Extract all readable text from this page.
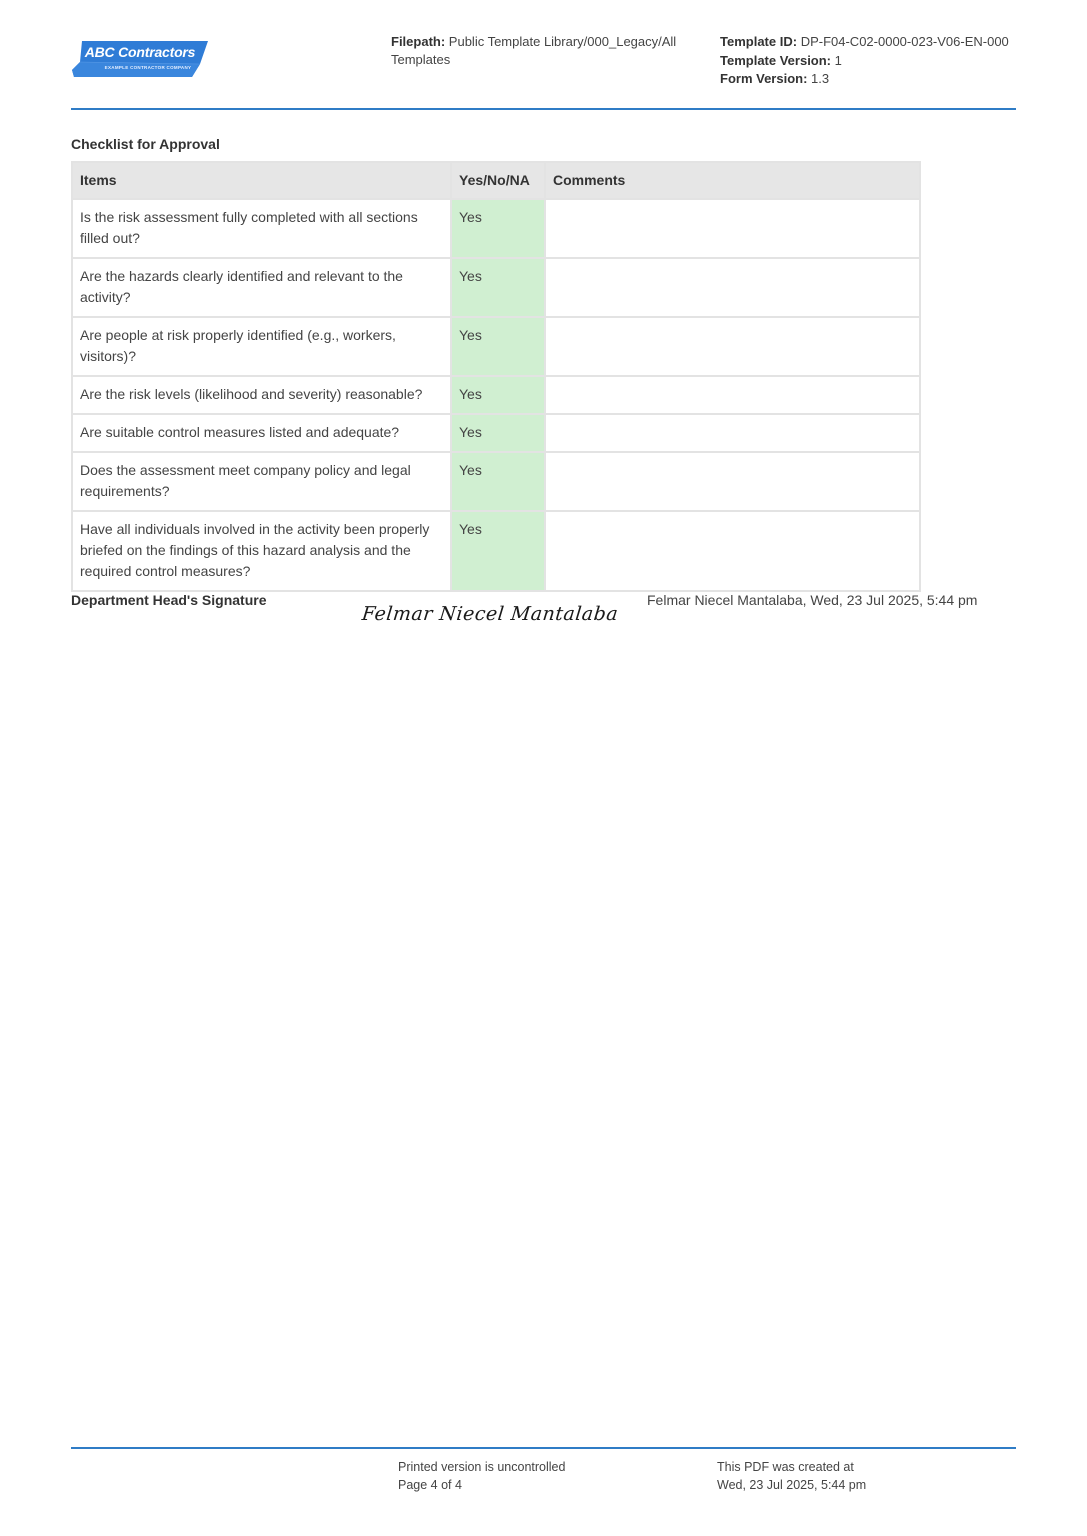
ABC Contractors
EXAMPLE CONTRACTOR COMPANY
Filepath: Public Template Library/000_Legacy/All Templates
Template ID: DP-F04-C02-0000-023-V06-EN-000
Template Version: 1
Form Version: 1.3
Checklist for Approval
Items	Yes/No/NA	Comments
Is the risk assessment fully completed with all sections filled out?	Yes	
Are the hazards clearly identified and relevant to the activity?	Yes	
Are people at risk properly identified (e.g., workers, visitors)?	Yes	
Are the risk levels (likelihood and severity) reasonable?	Yes	
Are suitable control measures listed and adequate?	Yes	
Does the assessment meet company policy and legal requirements?	Yes	
Have all individuals involved in the activity been properly briefed on the findings of this hazard analysis and the required control measures?	Yes	
Department Head's Signature
Felmar Niecel Mantalaba
Felmar Niecel Mantalaba, Wed, 23 Jul 2025, 5:44 pm
Printed version is uncontrolled
Page 4 of 4
This PDF was created at
Wed, 23 Jul 2025, 5:44 pm
